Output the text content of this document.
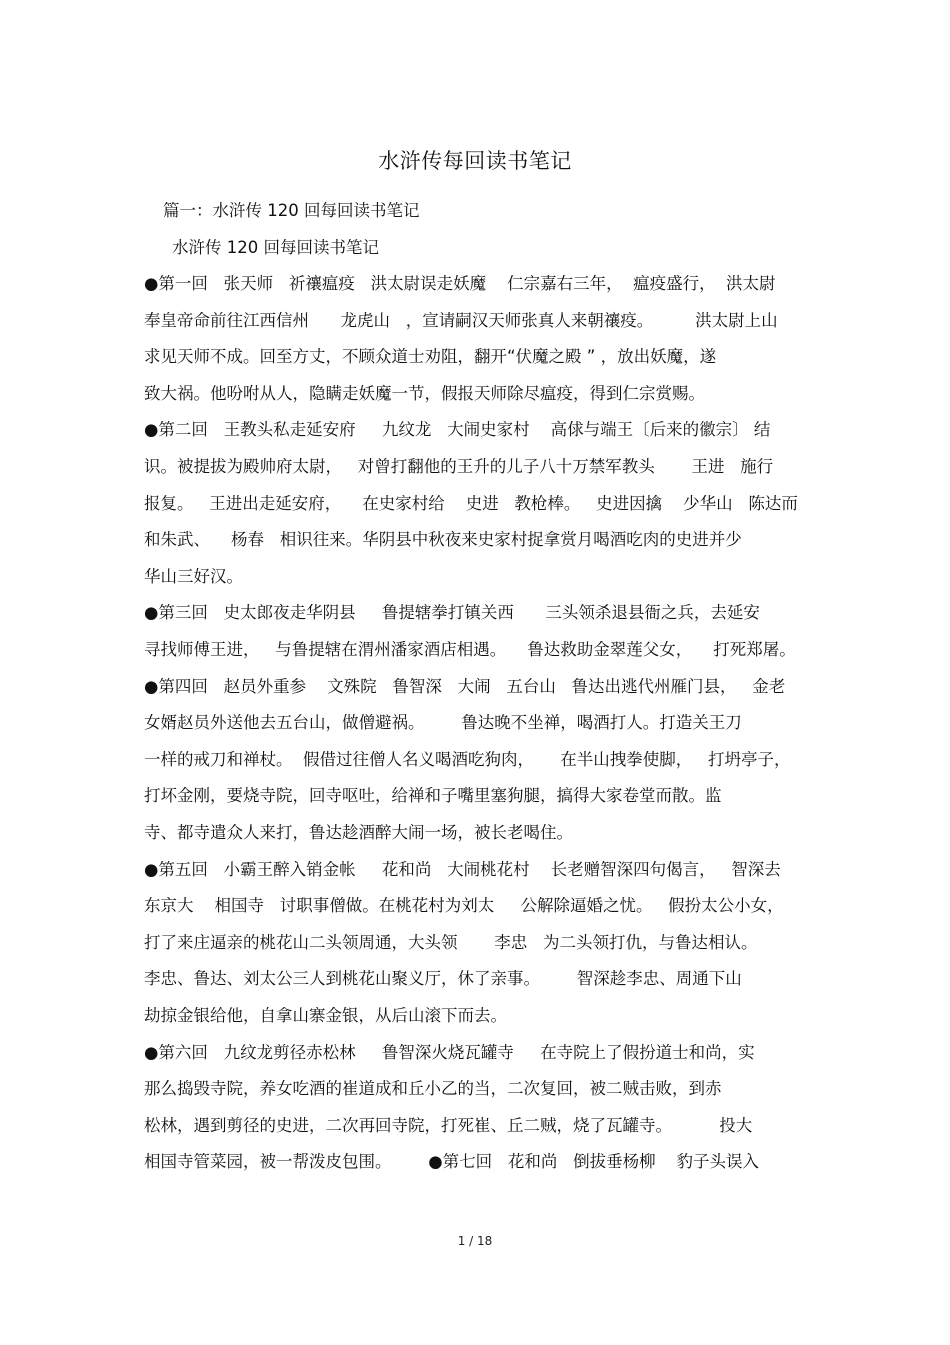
水浒传每回读书笔记
篇一：水浒传 120 回每回读书笔记
水浒传 120 回每回读书笔记
●第一回   张天师   祈禳瘟疫   洪太尉误走妖魔    仁宗嘉右三年，  瘟疫盛行，  洪太尉
奉皇帝命前往江西信州      龙虎山   ，宣请嗣汉天师张真人来朝禳疫。        洪太尉上山
求见天师不成。回至方丈，不顾众道士劝阻，翻开“伏魔之殿 ” ，放出妖魔，遂
致大祸。他吩咐从人，隐瞒走妖魔一节，假报天师除尽瘟疫，得到仁宗赏赐。
●第二回   王教头私走延安府     九纹龙   大闹史家村    高俅与端王〔后来的徽宗〕 结
识。被提拔为殿帅府太尉，   对曾打翻他的王升的儿子八十万禁军教头       王进   施行
报复。   王进出走延安府，    在史家村给    史进   教枪棒。   史进因擒    少华山   陈达而
和朱武、    杨春   相识往来。华阴县中秋夜来史家村捉拿赏月喝酒吃肉的史进并少
华山三好汉。
●第三回   史太郎夜走华阴县     鲁提辖拳打镇关西      三头领杀退县衙之兵，去延安
寻找师傅王进，   与鲁提辖在渭州潘家酒店相遇。    鲁达救助金翠莲父女，    打死郑屠。
●第四回   赵员外重参    文殊院   鲁智深   大闹   五台山   鲁达出逃代州雁门县，   金老
女婿赵员外送他去五台山，做僧避祸。       鲁达晚不坐禅，喝酒打人。打造关王刀
一样的戒刀和禅杖。  假借过往僧人名义喝酒吃狗肉，     在半山拽拳使脚，   打坍亭子，
打坏金刚，要烧寺院，回寺呕吐，给禅和子嘴里塞狗腿，搞得大家卷堂而散。监
寺、都寺遣众人来打，鲁达趁酒醉大闹一场，被长老喝住。
●第五回   小霸王醉入销金帐     花和尚   大闹桃花村    长老赠智深四句偈言，   智深去
东京大    相国寺   讨职事僧做。在桃花村为刘太     公解除逼婚之忧。   假扮太公小女，
打了来庄逼亲的桃花山二头领周通，大头领       李忠   为二头领打仇，与鲁达相认。
李忠、鲁达、刘太公三人到桃花山聚义厅，休了亲事。       智深趁李忠、周通下山
劫掠金银给他，自拿山寨金银，从后山滚下而去。
●第六回   九纹龙剪径赤松林     鲁智深火烧瓦罐寺     在寺院上了假扮道士和尚，实
那么捣毁寺院，养女吃酒的崔道成和丘小乙的当，二次复回，被二贼击败，到赤
松林，遇到剪径的史进，二次再回寺院，打死崔、丘二贼，烧了瓦罐寺。         投大
相国寺管菜园，被一帮泼皮包围。       ●第七回   花和尚   倒拔垂杨柳    豹子头误入
1 / 18
